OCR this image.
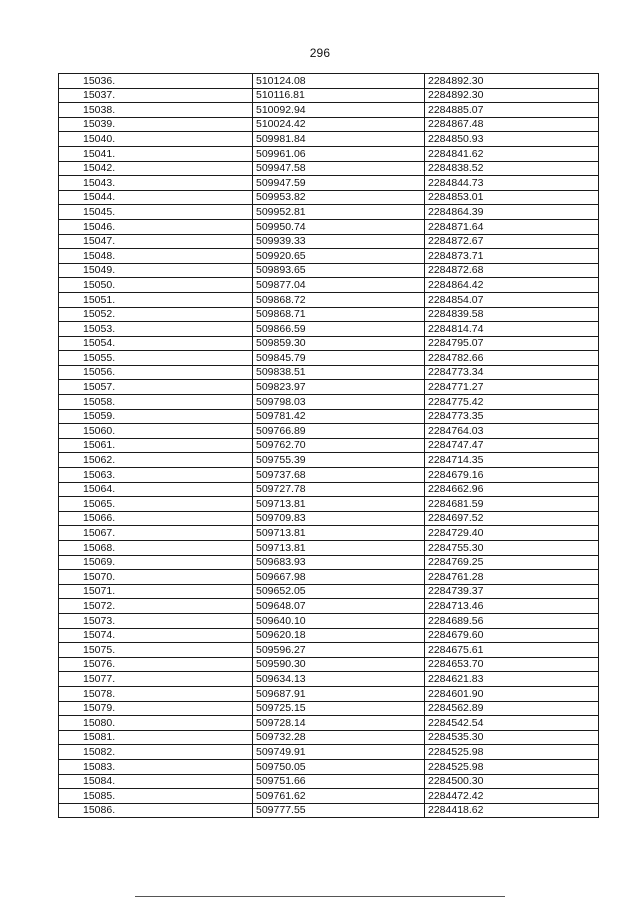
296
15036.	510124.08	2284892.30
15037.	510116.81	2284892.30
15038.	510092.94	2284885.07
15039.	510024.42	2284867.48
15040.	509981.84	2284850.93
15041.	509961.06	2284841.62
15042.	509947.58	2284838.52
15043.	509947.59	2284844.73
15044.	509953.82	2284853.01
15045.	509952.81	2284864.39
15046.	509950.74	2284871.64
15047.	509939.33	2284872.67
15048.	509920.65	2284873.71
15049.	509893.65	2284872.68
15050.	509877.04	2284864.42
15051.	509868.72	2284854.07
15052.	509868.71	2284839.58
15053.	509866.59	2284814.74
15054.	509859.30	2284795.07
15055.	509845.79	2284782.66
15056.	509838.51	2284773.34
15057.	509823.97	2284771.27
15058.	509798.03	2284775.42
15059.	509781.42	2284773.35
15060.	509766.89	2284764.03
15061.	509762.70	2284747.47
15062.	509755.39	2284714.35
15063.	509737.68	2284679.16
15064.	509727.78	2284662.96
15065.	509713.81	2284681.59
15066.	509709.83	2284697.52
15067.	509713.81	2284729.40
15068.	509713.81	2284755.30
15069.	509683.93	2284769.25
15070.	509667.98	2284761.28
15071.	509652.05	2284739.37
15072.	509648.07	2284713.46
15073.	509640.10	2284689.56
15074.	509620.18	2284679.60
15075.	509596.27	2284675.61
15076.	509590.30	2284653.70
15077.	509634.13	2284621.83
15078.	509687.91	2284601.90
15079.	509725.15	2284562.89
15080.	509728.14	2284542.54
15081.	509732.28	2284535.30
15082.	509749.91	2284525.98
15083.	509750.05	2284525.98
15084.	509751.66	2284500.30
15085.	509761.62	2284472.42
15086.	509777.55	2284418.62
